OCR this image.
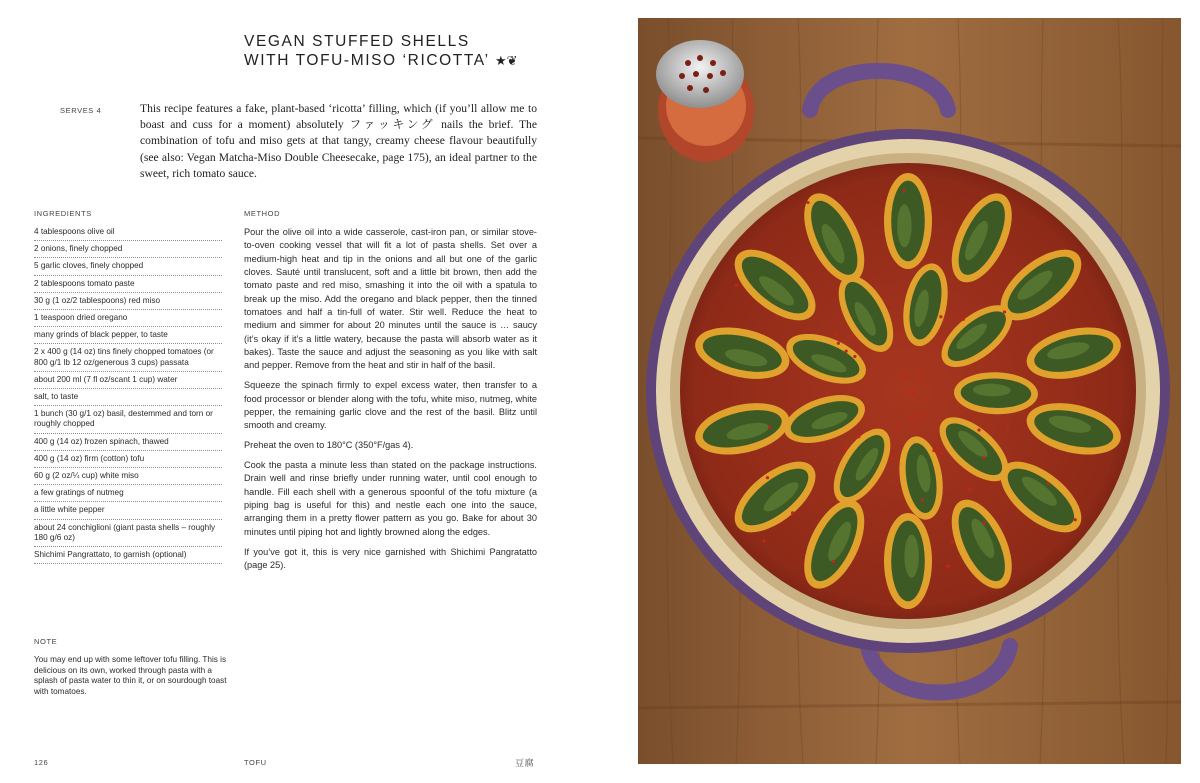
VEGAN STUFFED SHELLS
WITH TOFU-MISO ‘RICOTTA’ ★❦
SERVES 4	This recipe features a fake, plant-based ‘ricotta’ filling, which (if you’ll allow me to boast and cuss for a moment) absolutely ファッキング nails the brief. The combination of tofu and miso gets at that tangy, creamy cheese flavour beautifully (see also: Vegan Matcha-Miso Double Cheesecake, page 175), an ideal partner to the sweet, rich tomato sauce.
INGREDIENTS
4 tablespoons olive oil
2 onions, finely chopped
5 garlic cloves, finely chopped
2 tablespoons tomato paste
30 g (1 oz/2 tablespoons) red miso
1 teaspoon dried oregano
many grinds of black pepper, to taste
2 x 400 g (14 oz) tins finely chopped tomatoes (or 800 g/1 lb 12 oz/generous 3 cups) passata
about 200 ml (7 fl oz/scant 1 cup) water
salt, to taste
1 bunch (30 g/1 oz) basil, destemmed and torn or roughly chopped
400 g (14 oz) frozen spinach, thawed
400 g (14 oz) firm (cotton) tofu
60 g (2 oz/¼ cup) white miso
a few gratings of nutmeg
a little white pepper
about 24 conchiglioni (giant pasta shells – roughly 180 g/6 oz)
Shichimi Pangrattato, to garnish (optional)
METHOD

Pour the olive oil into a wide casserole, cast-iron pan, or similar stove-to-oven cooking vessel that will fit a lot of pasta shells. Set over a medium-high heat and tip in the onions and all but one of the garlic cloves. Sauté until translucent, soft and a little bit brown, then add the tomato paste and red miso, smashing it into the oil with a spatula to break up the miso. Add the oregano and black pepper, then the tinned tomatoes and half a tin-full of water. Stir well. Reduce the heat to medium and simmer for about 20 minutes until the sauce is … saucy (it’s okay if it’s a little watery, because the pasta will absorb water as it bakes). Taste the sauce and adjust the seasoning as you like with salt and pepper. Remove from the heat and stir in half of the basil.

Squeeze the spinach firmly to expel excess water, then transfer to a food processor or blender along with the tofu, white miso, nutmeg, white pepper, the remaining garlic clove and the rest of the basil. Blitz until smooth and creamy.

Preheat the oven to 180°C (350°F/gas 4).

Cook the pasta a minute less than stated on the package instructions. Drain well and rinse briefly under running water, until cool enough to handle. Fill each shell with a generous spoonful of the tofu mixture (a piping bag is useful for this) and nestle each one into the sauce, arranging them in a pretty flower pattern as you go. Bake for about 30 minutes until piping hot and lightly browned along the edges.

If you’ve got it, this is very nice garnished with Shichimi Pangratatto (page 25).

NOTE
You may end up with some leftover tofu filling. This is delicious on its own, worked through pasta with a splash of pasta water to thin it, or on sourdough toast with tomatoes.
126	TOFU	豆腐
